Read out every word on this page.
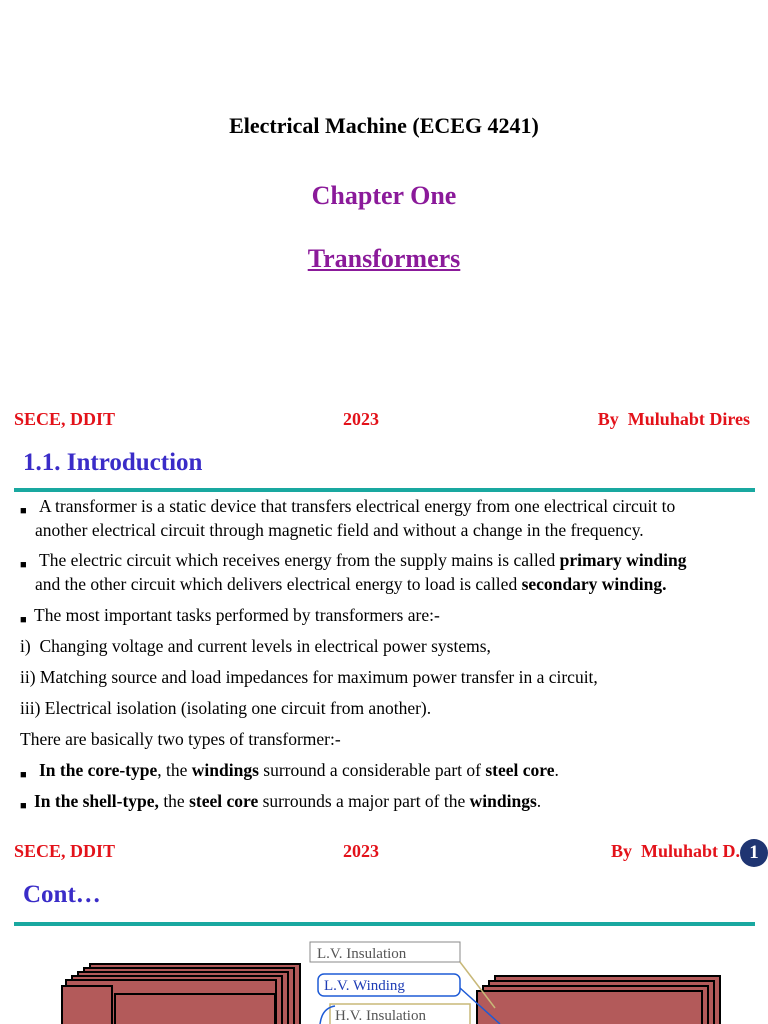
Electrical Machine (ECEG 4241)
Chapter One
Transformers
SECE, DDIT	2023	By  Muluhabt Dires
1.1. Introduction
■ A transformer is a static device that transfers electrical energy from one electrical circuit to
another electrical circuit through magnetic field and without a change in the frequency.
■ The electric circuit which receives energy from the supply mains is called primary winding
and the other circuit which delivers electrical energy to load is called secondary winding.
■ The most important tasks performed by transformers are:-
i)  Changing voltage and current levels in electrical power systems,
ii) Matching source and load impedances for maximum power transfer in a circuit,
iii) Electrical isolation (isolating one circuit from another).
There are basically two types of transformer:-
■ In the core-type, the windings surround a considerable part of steel core.
■ In the shell-type, the steel core surrounds a major part of the windings.
SECE, DDIT	2023	By  Muluhabt D. 1
Cont…
L.V. Insulation
L.V. Winding
H.V. Insulation
